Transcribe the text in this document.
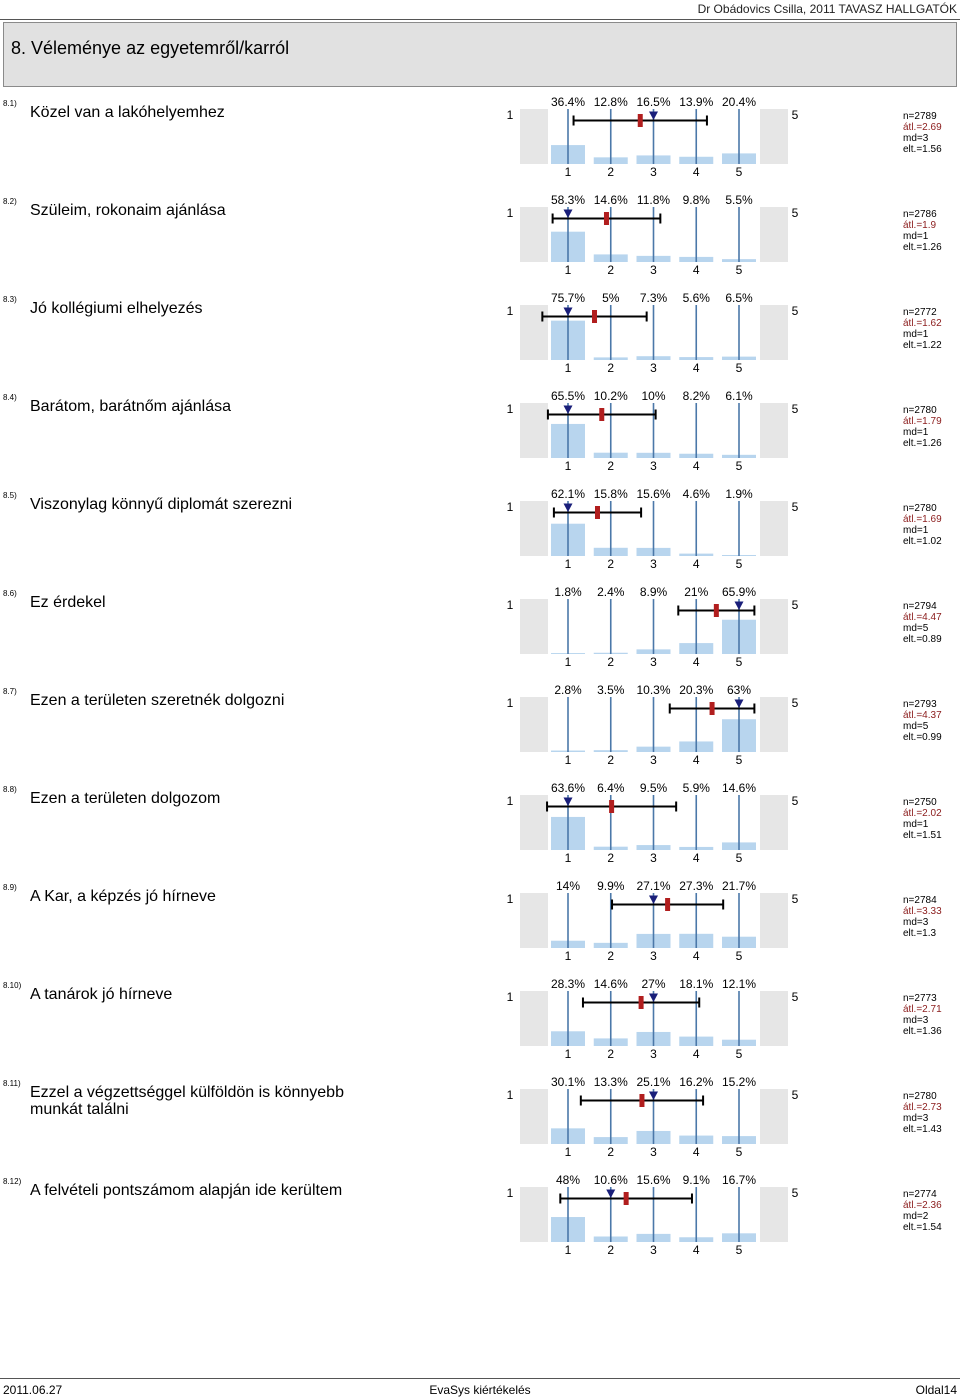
Dr Obádovics Csilla, 2011 TAVASZ HALLGATÓK
8. Véleménye az egyetemről/karról
8.1)
Közel van a lakóhelyemhez	1	5
36.4% 12.8% 16.5% 13.9% 20.4%
1	2	3	4	5
n=2789
átl.=2.69
md=3
elt.=1.56
8.2)
Szüleim, rokonaim ajánlása	1	5
58.3% 14.6% 11.8%	9.8%	5.5%
1	2	3	4	5
n=2786
átl.=1.9
md=1
elt.=1.26
8.3)
Jó kollégiumi elhelyezés	1	5
75.7%	5%	7.3%	5.6%	6.5%
1	2	3	4	5
n=2772
átl.=1.62
md=1
elt.=1.22
8.4)
Barátom, barátnőm ajánlása	1	5
65.5% 10.2%	10%	8.2%	6.1%
1	2	3	4	5
n=2780
átl.=1.79
md=1
elt.=1.26
8.5)
Viszonylag könnyű diplomát szerezni	1	5
62.1% 15.8% 15.6%	4.6%	1.9%
1	2	3	4	5
n=2780
átl.=1.69
md=1
elt.=1.02
8.6)
Ez érdekel	1	5
1.8%	2.4%	8.9%	21%	65.9%
1	2	3	4	5
n=2794
átl.=4.47
md=5
elt.=0.89
8.7)
Ezen a területen szeretnék dolgozni	1	5
2.8%	3.5%	10.3% 20.3%	63%
1	2	3	4	5
n=2793
átl.=4.37
md=5
elt.=0.99
8.8)
Ezen a területen dolgozom	1	5
63.6%	6.4%	9.5%	5.9%	14.6%
1	2	3	4	5
n=2750
átl.=2.02
md=1
elt.=1.51
8.9)
A Kar, a képzés jó hírneve	1	5
14%	9.9%	27.1% 27.3% 21.7%
1	2	3	4	5
n=2784
átl.=3.33
md=3
elt.=1.3
8.10)
A tanárok jó hírneve	1	5
28.3% 14.6%	27%	18.1% 12.1%
1	2	3	4	5
n=2773
átl.=2.71
md=3
elt.=1.36
8.11)
Ezzel a végzettséggel külföldön is könnyebb munkát találni
1	5
30.1% 13.3% 25.1% 16.2% 15.2%
1	2	3	4	5
n=2780
átl.=2.73
md=3
elt.=1.43
8.12)
A felvételi pontszámom alapján ide kerültem	1	5
48%	10.6% 15.6%	9.1%	16.7%
1	2	3	4	5
n=2774
átl.=2.36
md=2
elt.=1.54
2011.06.27	EvaSys kiértékelés	Oldal14
